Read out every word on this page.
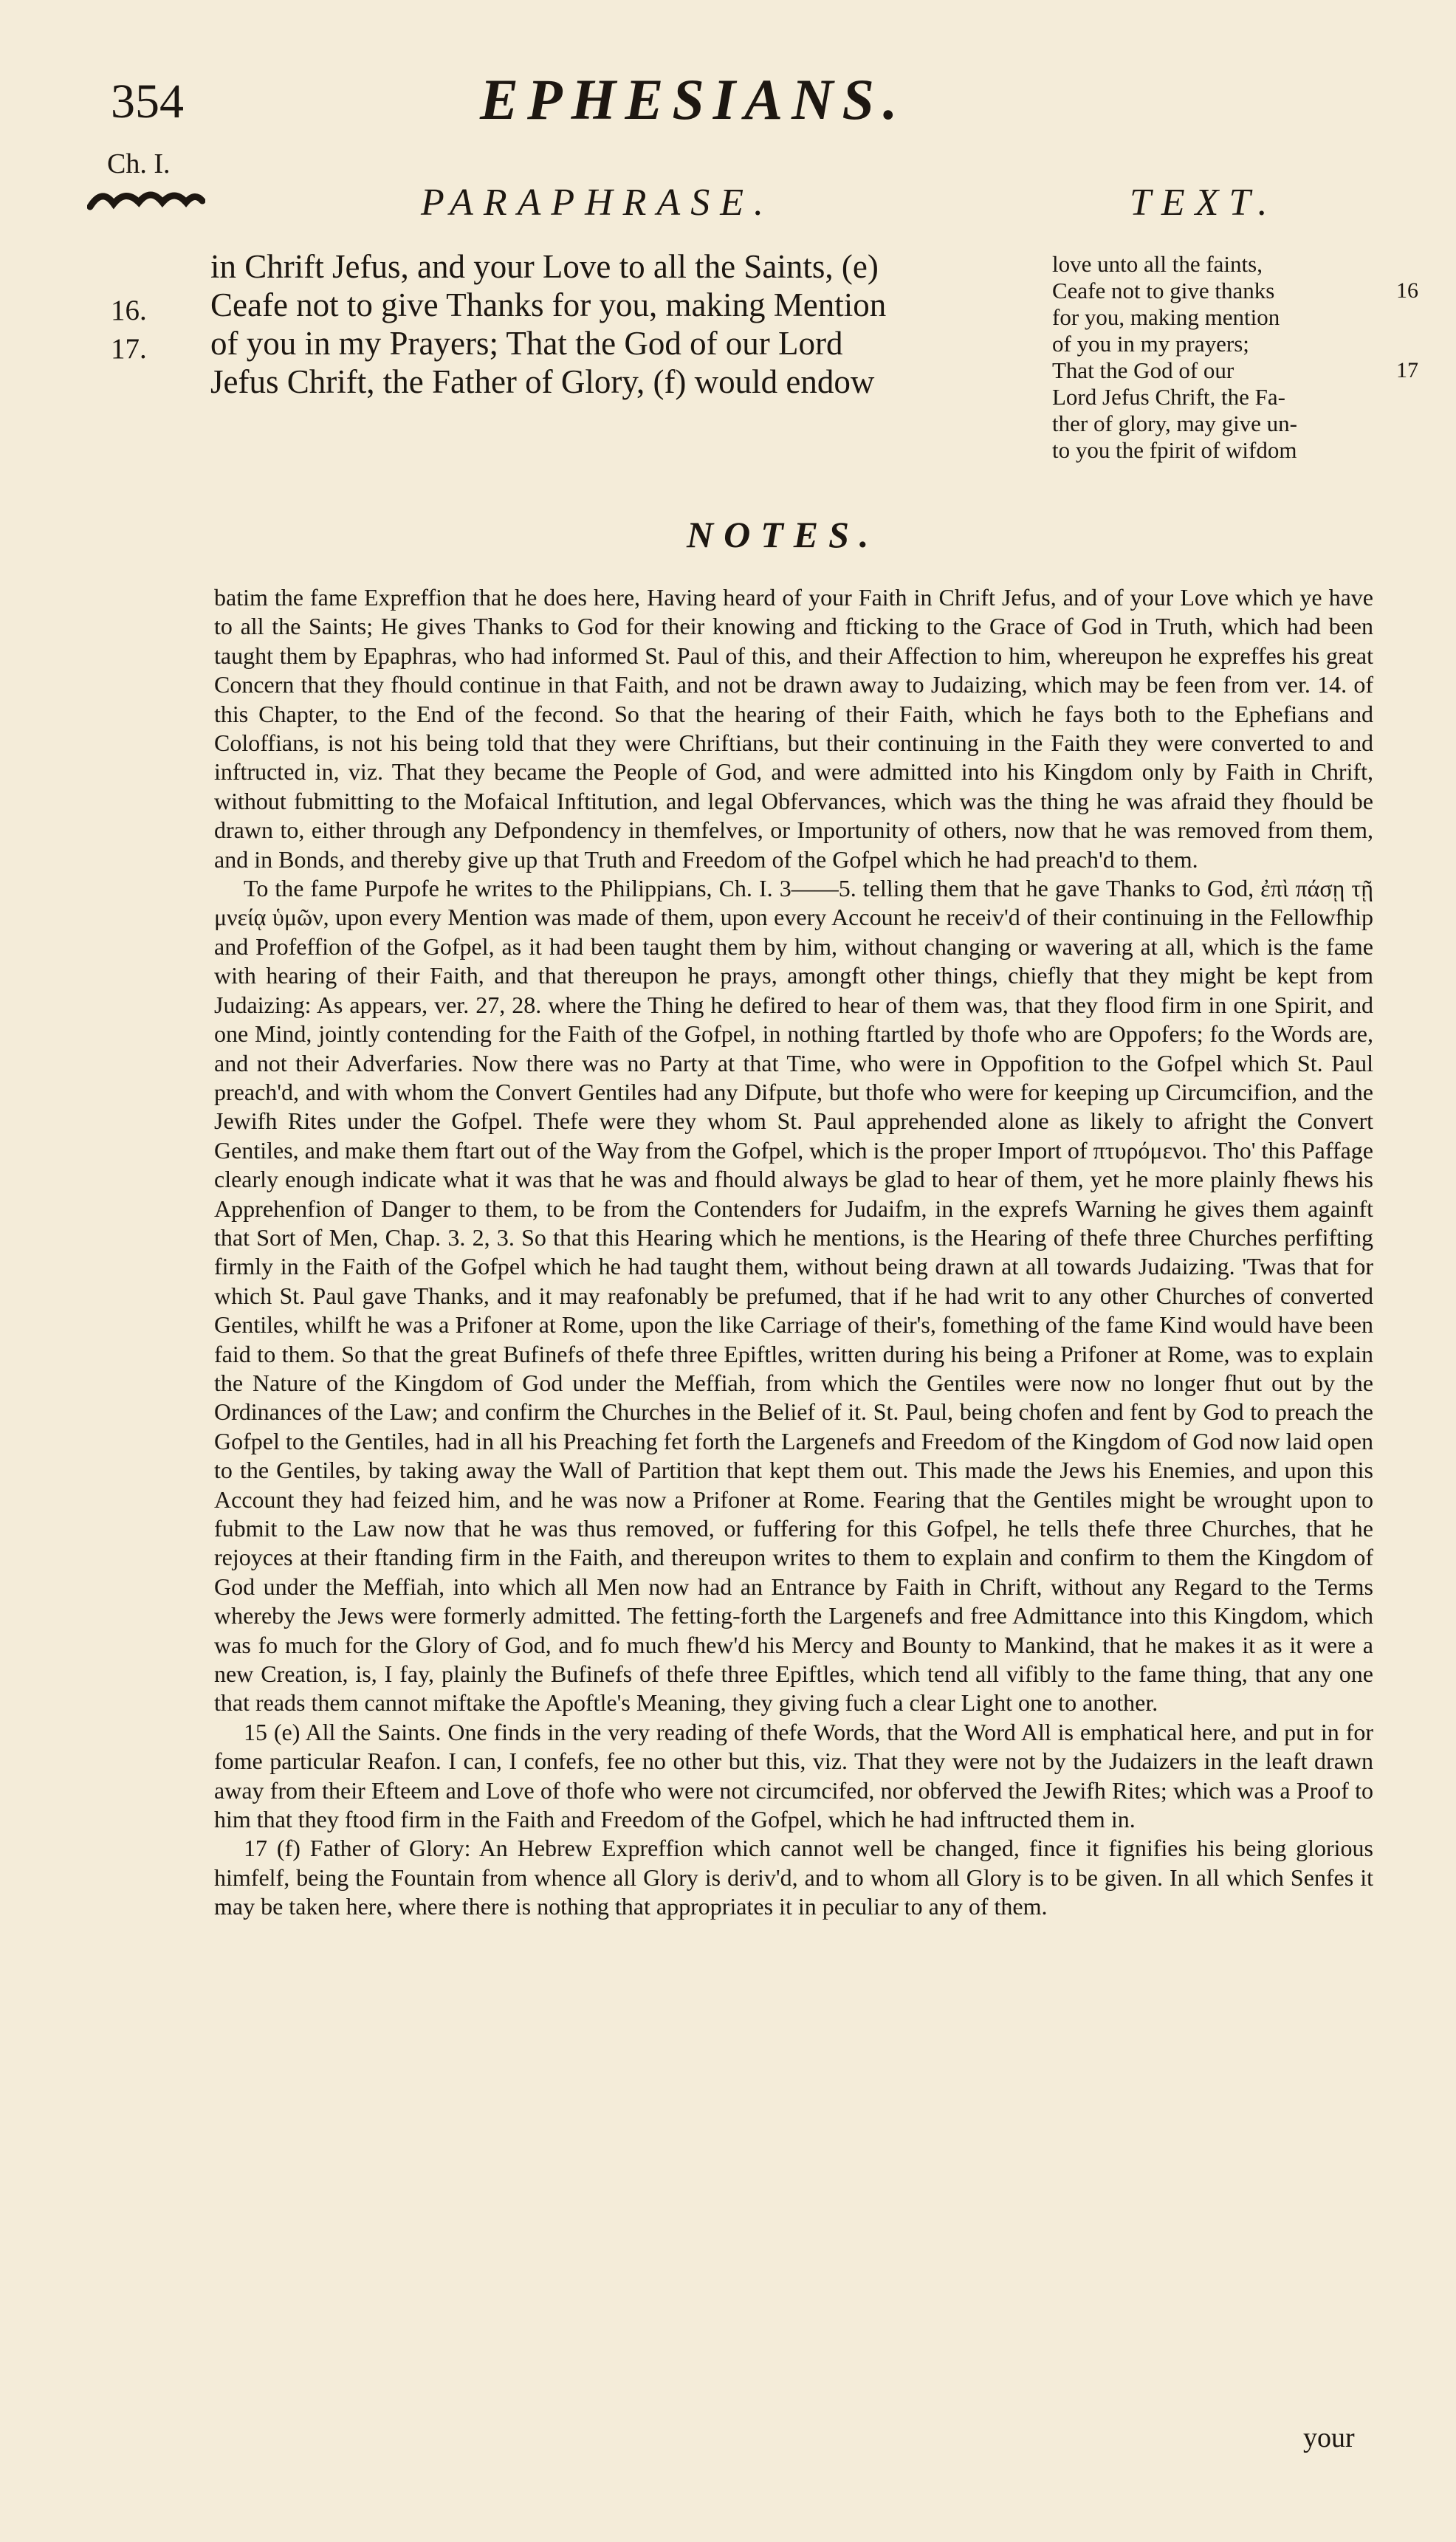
354	EPHESIANS.
Ch. I.
PARAPHRASE.	TEXT.
16.
17.
in Chrift Jefus, and your Love to all the Saints, (e)
Ceafe not to give Thanks for you, making Mention
of you in my Prayers; That the God of our Lord
Jefus Chrift, the Father of Glory, (f) would endow
love unto all the faints,
Ceafe not to give thanks	16
for you, making mention
of you in my prayers;
That the God of our	17
Lord Jefus Chrift, the Fa-
ther of glory, may give un-
to you the fpirit of wifdom
NOTES.

batim the fame Expreffion that he does here, Having heard of your Faith in Chrift Jefus, and of your Love which ye have to all the Saints; He gives Thanks to God for their knowing and fticking to the Grace of God in Truth, which had been taught them by Epaphras, who had informed St. Paul of this, and their Affection to him, whereupon he expreffes his great Concern that they fhould continue in that Faith, and not be drawn away to Judaizing, which may be feen from ver. 14. of this Chapter, to the End of the fecond. So that the hearing of their Faith, which he fays both to the Ephefians and Coloffians, is not his being told that they were Chriftians, but their continuing in the Faith they were converted to and inftructed in, viz. That they became the People of God, and were admitted into his Kingdom only by Faith in Chrift, without fubmitting to the Mofaical Inftitution, and legal Obfervances, which was the thing he was afraid they fhould be drawn to, either through any Defpondency in themfelves, or Importunity of others, now that he was removed from them, and in Bonds, and thereby give up that Truth and Freedom of the Gofpel which he had preach'd to them.

To the fame Purpofe he writes to the Philippians, Ch. I. 3——5. telling them that he gave Thanks to God, ἐπὶ πάσῃ τῇ μνείᾳ ὑμῶν, upon every Mention was made of them, upon every Account he receiv'd of their continuing in the Fellowfhip and Profeffion of the Gofpel, as it had been taught them by him, without changing or wavering at all, which is the fame with hearing of their Faith, and that thereupon he prays, amongft other things, chiefly that they might be kept from Judaizing: As appears, ver. 27, 28. where the Thing he defired to hear of them was, that they flood firm in one Spirit, and one Mind, jointly contending for the Faith of the Gofpel, in nothing ftartled by thofe who are Oppofers; fo the Words are, and not their Adverfaries. Now there was no Party at that Time, who were in Oppofition to the Gofpel which St. Paul preach'd, and with whom the Convert Gentiles had any Difpute, but thofe who were for keeping up Circumcifion, and the Jewifh Rites under the Gofpel. Thefe were they whom St. Paul apprehended alone as likely to afright the Convert Gentiles, and make them ftart out of the Way from the Gofpel, which is the proper Import of πτυρόμενοι. Tho' this Paffage clearly enough indicate what it was that he was and fhould always be glad to hear of them, yet he more plainly fhews his Apprehenfion of Danger to them, to be from the Contenders for Judaifm, in the exprefs Warning he gives them againft that Sort of Men, Chap. 3. 2, 3. So that this Hearing which he mentions, is the Hearing of thefe three Churches perfifting firmly in the Faith of the Gofpel which he had taught them, without being drawn at all towards Judaizing. 'Twas that for which St. Paul gave Thanks, and it may reafonably be prefumed, that if he had writ to any other Churches of converted Gentiles, whilft he was a Prifoner at Rome, upon the like Carriage of their's, fomething of the fame Kind would have been faid to them. So that the great Bufinefs of thefe three Epiftles, written during his being a Prifoner at Rome, was to explain the Nature of the Kingdom of God under the Meffiah, from which the Gentiles were now no longer fhut out by the Ordinances of the Law; and confirm the Churches in the Belief of it. St. Paul, being chofen and fent by God to preach the Gofpel to the Gentiles, had in all his Preaching fet forth the Largenefs and Freedom of the Kingdom of God now laid open to the Gentiles, by taking away the Wall of Partition that kept them out. This made the Jews his Enemies, and upon this Account they had feized him, and he was now a Prifoner at Rome. Fearing that the Gentiles might be wrought upon to fubmit to the Law now that he was thus removed, or fuffering for this Gofpel, he tells thefe three Churches, that he rejoyces at their ftanding firm in the Faith, and thereupon writes to them to explain and confirm to them the Kingdom of God under the Meffiah, into which all Men now had an Entrance by Faith in Chrift, without any Regard to the Terms whereby the Jews were formerly admitted. The fetting-forth the Largenefs and free Admittance into this Kingdom, which was fo much for the Glory of God, and fo much fhew'd his Mercy and Bounty to Mankind, that he makes it as it were a new Creation, is, I fay, plainly the Bufinefs of thefe three Epiftles, which tend all vifibly to the fame thing, that any one that reads them cannot miftake the Apoftle's Meaning, they giving fuch a clear Light one to another.

15 (e) All the Saints. One finds in the very reading of thefe Words, that the Word All is emphatical here, and put in for fome particular Reafon. I can, I confefs, fee no other but this, viz. That they were not by the Judaizers in the leaft drawn away from their Efteem and Love of thofe who were not circumcifed, nor obferved the Jewifh Rites; which was a Proof to him that they ftood firm in the Faith and Freedom of the Gofpel, which he had inftructed them in.

17 (f) Father of Glory: An Hebrew Expreffion which cannot well be changed, fince it fignifies his being glorious himfelf, being the Fountain from whence all Glory is deriv'd, and to whom all Glory is to be given. In all which Senfes it may be taken here, where there is nothing that appropriates it in peculiar to any of them.

your
